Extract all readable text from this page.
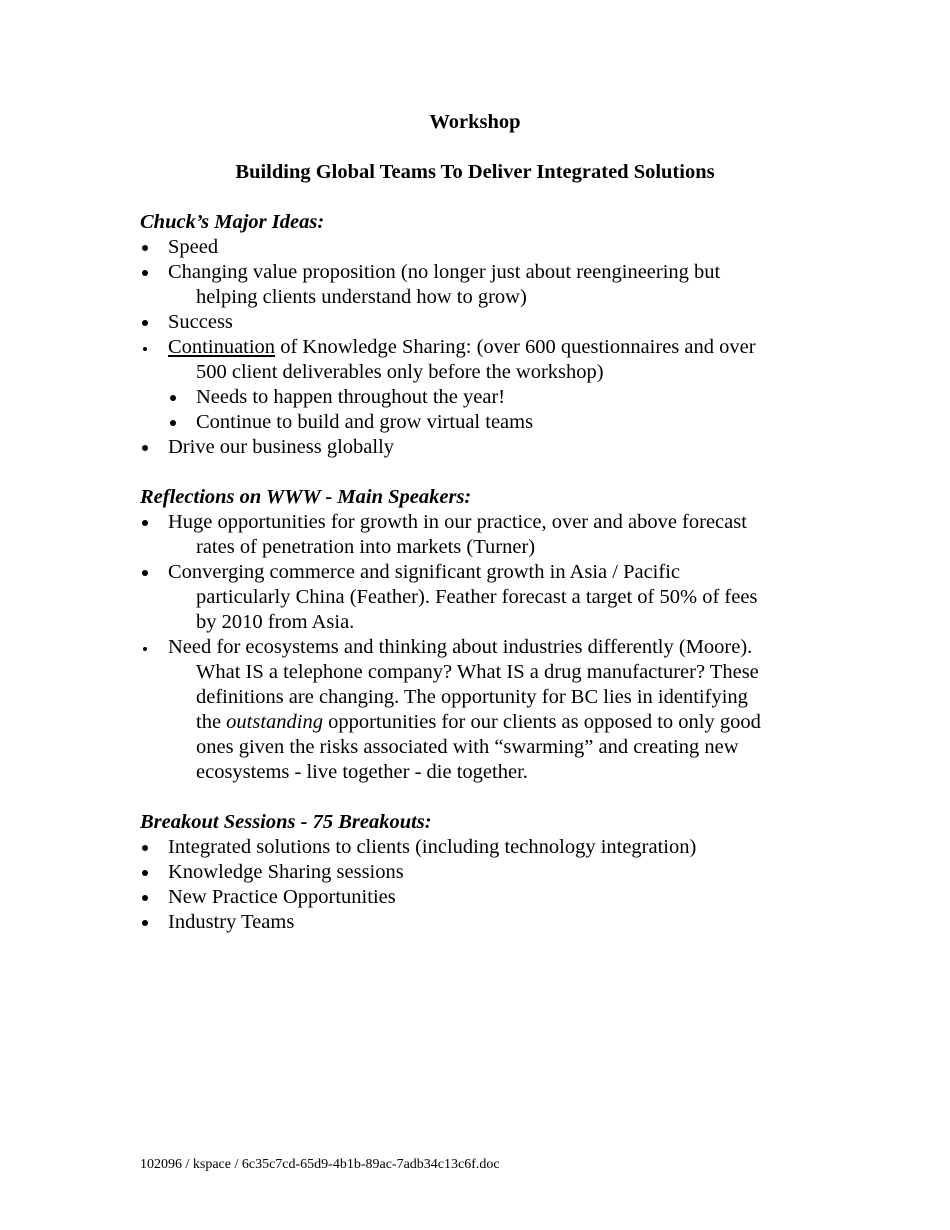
Workshop
Building Global Teams To Deliver Integrated Solutions
Chuck’s Major Ideas:
Speed
Changing value proposition (no longer just about reengineering but
helping clients understand how to grow)
Success
Continuation of Knowledge Sharing: (over 600 questionnaires and over
500 client deliverables only before the workshop)
Needs to happen throughout the year!
Continue to build and grow virtual teams
Drive our business globally
Reflections on WWW - Main Speakers:
Huge opportunities for growth in our practice, over and above forecast
rates of penetration into markets (Turner)
Converging commerce and significant growth in Asia / Pacific
particularly China (Feather). Feather forecast a target of 50% of fees
by 2010 from Asia.
Need for ecosystems and thinking about industries differently (Moore).
What IS a telephone company? What IS a drug manufacturer? These
definitions are changing. The opportunity for BC lies in identifying
the outstanding opportunities for our clients as opposed to only good
ones given the risks associated with “swarming” and creating new
ecosystems - live together - die together.
Breakout Sessions - 75 Breakouts:
Integrated solutions to clients (including technology integration)
Knowledge Sharing sessions
New Practice Opportunities
Industry Teams
102096 / kspace / 6c35c7cd-65d9-4b1b-89ac-7adb34c13c6f.doc
